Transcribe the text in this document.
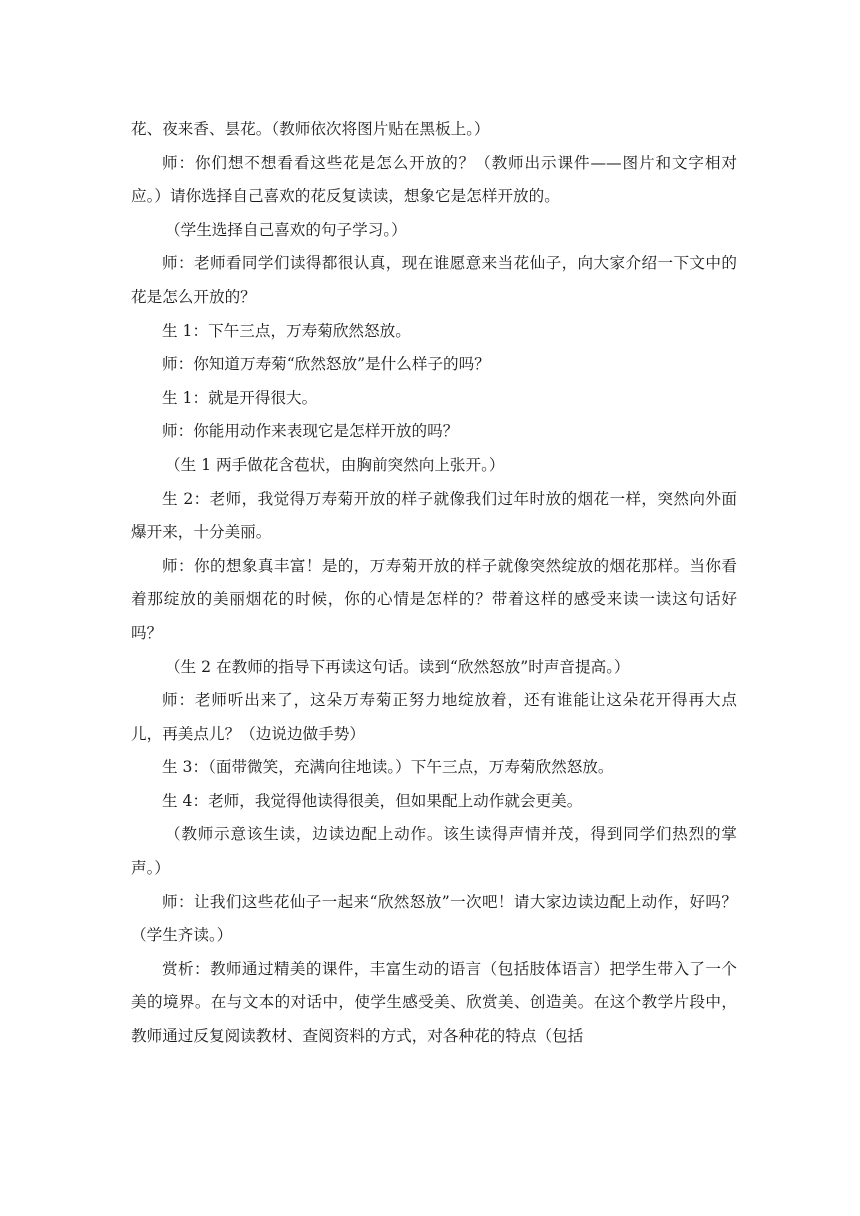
花、夜来香、昙花。（教师依次将图片贴在黑板上。）

师：你们想不想看看这些花是怎么开放的？（教师出示课件——图片和文字相对应。）请你选择自己喜欢的花反复读读，想象它是怎样开放的。

（学生选择自己喜欢的句子学习。）

师：老师看同学们读得都很认真，现在谁愿意来当花仙子，向大家介绍一下文中的花是怎么开放的？

生 1：下午三点，万寿菊欣然怒放。

师：你知道万寿菊“欣然怒放”是什么样子的吗？

生 1：就是开得很大。

师：你能用动作来表现它是怎样开放的吗？

（生 1 两手做花含苞状，由胸前突然向上张开。）

生 2：老师，我觉得万寿菊开放的样子就像我们过年时放的烟花一样，突然向外面爆开来，十分美丽。

师：你的想象真丰富！是的，万寿菊开放的样子就像突然绽放的烟花那样。当你看着那绽放的美丽烟花的时候，你的心情是怎样的？带着这样的感受来读一读这句话好吗？

（生 2 在教师的指导下再读这句话。读到“欣然怒放”时声音提高。）

师：老师听出来了，这朵万寿菊正努力地绽放着，还有谁能让这朵花开得再大点儿，再美点儿？（边说边做手势）

生 3：（面带微笑，充满向往地读。）下午三点，万寿菊欣然怒放。

生 4：老师，我觉得他读得很美，但如果配上动作就会更美。

（教师示意该生读，边读边配上动作。该生读得声情并茂，得到同学们热烈的掌声。）

师：让我们这些花仙子一起来“欣然怒放”一次吧！请大家边读边配上动作，好吗？（学生齐读。）

赏析：教师通过精美的课件，丰富生动的语言（包括肢体语言）把学生带入了一个美的境界。在与文本的对话中，使学生感受美、欣赏美、创造美。在这个教学片段中，教师通过反复阅读教材、查阅资料的方式，对各种花的特点（包括
